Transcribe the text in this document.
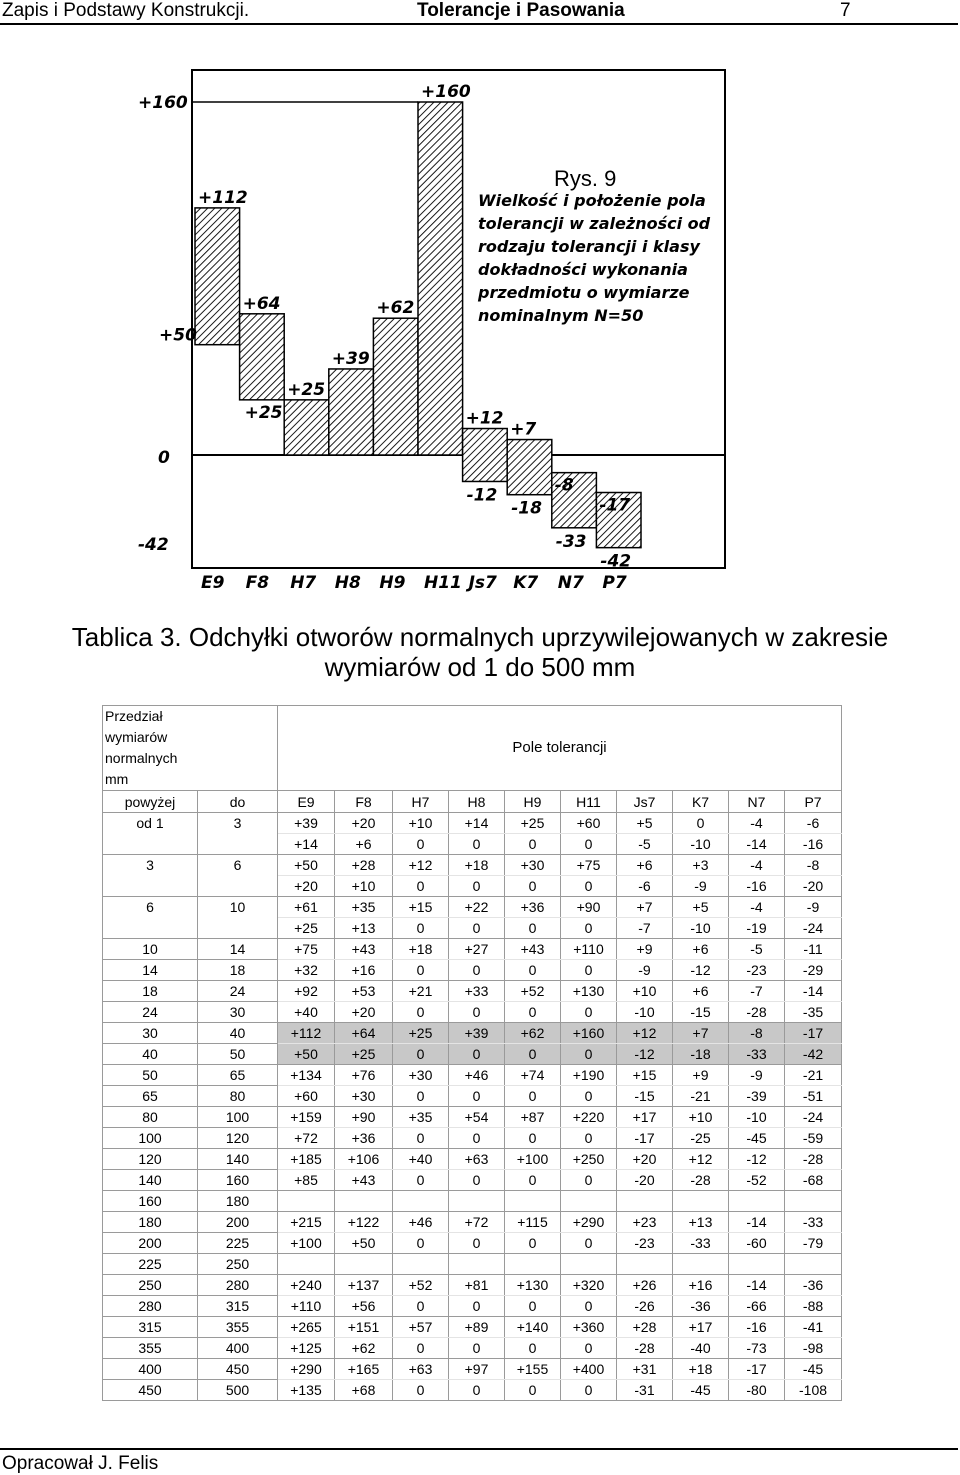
Zapis i Podstawy Konstrukcji.	Tolerancje i Pasowania	7
+160
0
-42
E9
+112
+50
F8
+64
+25
H7
+25
H8
+39
H9
+62
H11
+160
Js7
+12
-12
K7
+7
-18
N7
-8
-33
P7
-17
-42
Rys. 9
Wielkość i położenie pola
tolerancji w zależności od
rodzaju tolerancji i klasy
dokładności wykonania
przedmiotu o wymiarze
nominalnym N=50
Tablica 3. Odchyłki otworów normalnych uprzywilejowanych w zakresie
wymiarów od 1 do 500 mm
Przedział
wymiarów
normalnych
mm		Pole tolerancji									
powyżej	do	E9	F8	H7	H8	H9	H11	Js7	K7	N7	P7
od 1	3	+39	+20	+10	+14	+25	+60	+5	0	-4	-6
		+14	+6	0	0	0	0	-5	-10	-14	-16
3	6	+50	+28	+12	+18	+30	+75	+6	+3	-4	-8
		+20	+10	0	0	0	0	-6	-9	-16	-20
6	10	+61	+35	+15	+22	+36	+90	+7	+5	-4	-9
		+25	+13	0	0	0	0	-7	-10	-19	-24
10	14	+75	+43	+18	+27	+43	+110	+9	+6	-5	-11
14	18	+32	+16	0	0	0	0	-9	-12	-23	-29
18	24	+92	+53	+21	+33	+52	+130	+10	+6	-7	-14
24	30	+40	+20	0	0	0	0	-10	-15	-28	-35
30	40	+112	+64	+25	+39	+62	+160	+12	+7	-8	-17
40	50	+50	+25	0	0	0	0	-12	-18	-33	-42
50	65	+134	+76	+30	+46	+74	+190	+15	+9	-9	-21
65	80	+60	+30	0	0	0	0	-15	-21	-39	-51
80	100	+159	+90	+35	+54	+87	+220	+17	+10	-10	-24
100	120	+72	+36	0	0	0	0	-17	-25	-45	-59
120	140	+185	+106	+40	+63	+100	+250	+20	+12	-12	-28
140	160	+85	+43	0	0	0	0	-20	-28	-52	-68
160	180										
180	200	+215	+122	+46	+72	+115	+290	+23	+13	-14	-33
200	225	+100	+50	0	0	0	0	-23	-33	-60	-79
225	250										
250	280	+240	+137	+52	+81	+130	+320	+26	+16	-14	-36
280	315	+110	+56	0	0	0	0	-26	-36	-66	-88
315	355	+265	+151	+57	+89	+140	+360	+28	+17	-16	-41
355	400	+125	+62	0	0	0	0	-28	-40	-73	-98
400	450	+290	+165	+63	+97	+155	+400	+31	+18	-17	-45
450	500	+135	+68	0	0	0	0	-31	-45	-80	-108
Opracował J. Felis
